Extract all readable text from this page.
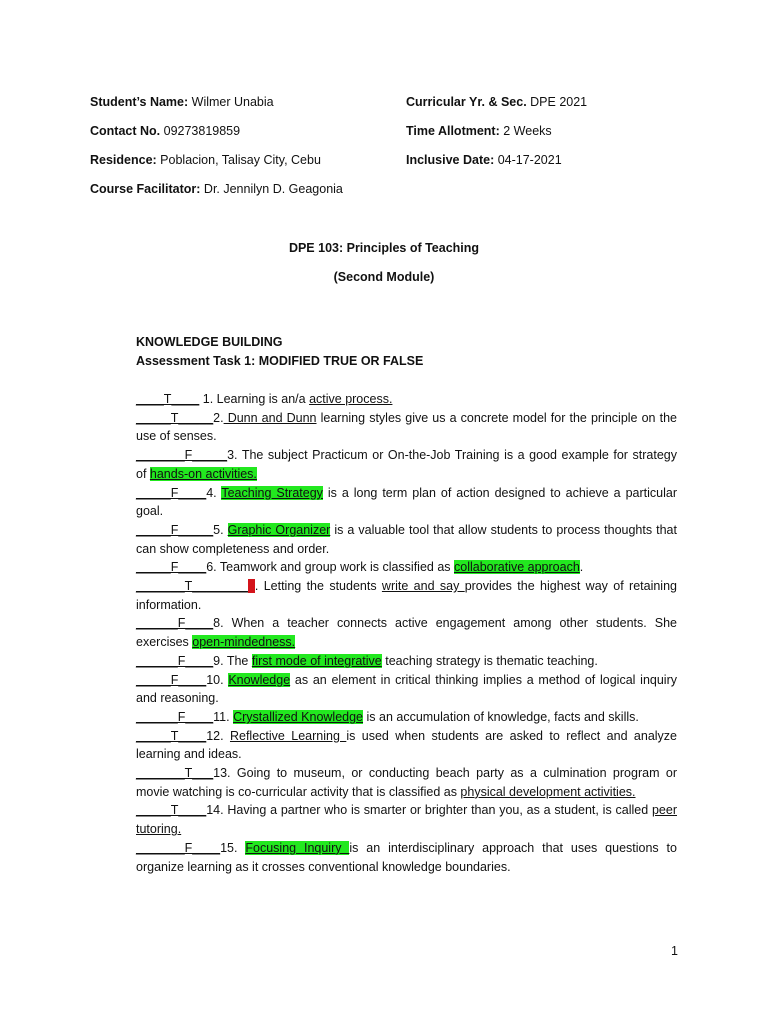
Student’s Name: Wilmer Unabia
Contact No. 09273819859
Residence: Poblacion, Talisay City, Cebu
Course Facilitator: Dr. Jennilyn D. Geagonia
Curricular Yr. & Sec. DPE 2021
Time Allotment: 2 Weeks
Inclusive Date: 04-17-2021
DPE 103: Principles of Teaching
(Second Module)
KNOWLEDGE BUILDING
Assessment Task 1: MODIFIED TRUE OR FALSE

____T____ 1. Learning is an/a active process.

_____T_____2. Dunn and Dunn learning styles give us a concrete model for the principle on the use of senses.

_______F_____3. The subject Practicum or On-the-Job Training is a good example for strategy of hands-on activities.

_____F____4. Teaching Strategy is a long term plan of action designed to achieve a particular goal.

_____F_____5. Graphic Organizer is a valuable tool that allow students to process thoughts that can show completeness and order.

_____F____6. Teamwork and group work is classified as collaborative approach.

_______T________7. Letting the students write and say provides the highest way of retaining information.

______F____8. When a teacher connects active engagement among other students. She exercises open-mindedness.

______F____9. The first mode of integrative teaching strategy is thematic teaching.

_____F____10. Knowledge as an element in critical thinking implies a method of logical inquiry and reasoning.

______F____11. Crystallized Knowledge is an accumulation of knowledge, facts and skills.

_____T____12. Reflective Learning is used when students are asked to reflect and analyze learning and ideas.

_______T___13. Going to museum, or conducting beach party as a culmination program or movie watching is co-curricular activity that is classified as physical development activities.

_____T____14. Having a partner who is smarter or brighter than you, as a student, is called peer tutoring.

_______F____15. Focusing Inquiry is an interdisciplinary approach that uses questions to organize learning as it crosses conventional knowledge boundaries.

1
